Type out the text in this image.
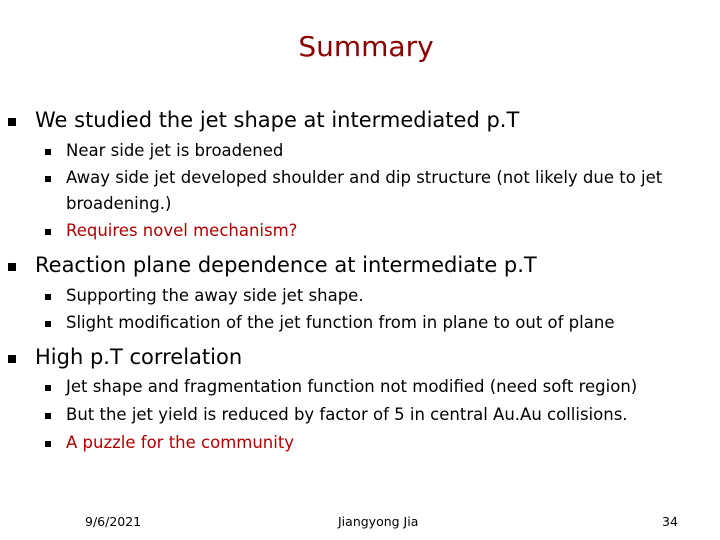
Summary
We studied the jet shape at intermediated p.T
Near side jet is broadened
Away side jet developed shoulder and dip structure (not likely due to jet
broadening.)
Requires novel mechanism?
Reaction plane dependence at intermediate p.T
Supporting the away side jet shape.
Slight modification of the jet function from in plane to out of plane
High p.T correlation
Jet shape and fragmentation function not modified (need soft region)
But the jet yield is reduced by factor of 5 in central Au.Au collisions.
A puzzle for the community
9/6/2021	Jiangyong Jia	34
